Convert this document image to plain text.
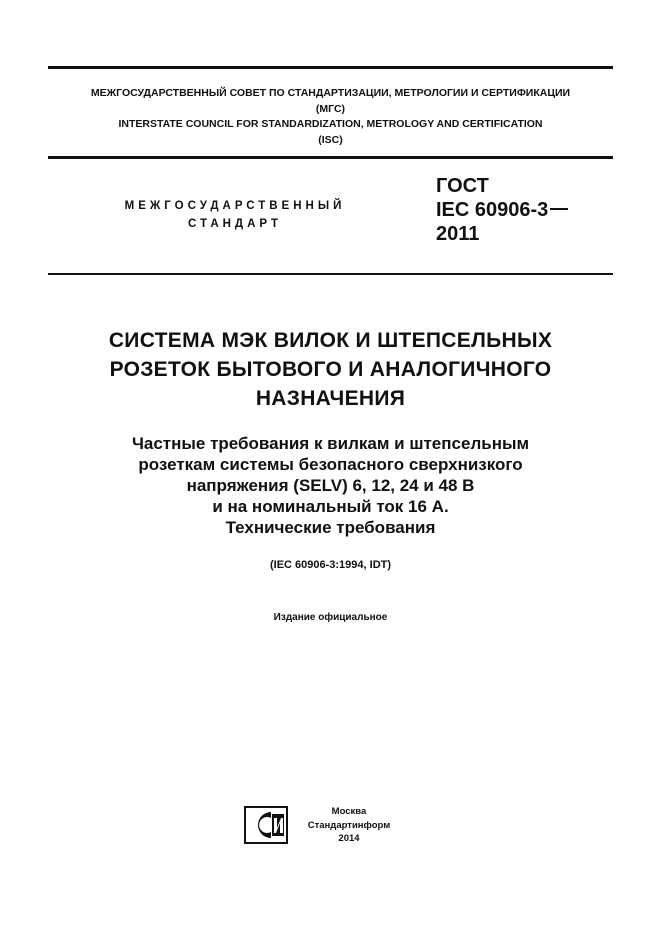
МЕЖГОСУДАРСТВЕННЫЙ СОВЕТ ПО СТАНДАРТИЗАЦИИ, МЕТРОЛОГИИ И СЕРТИФИКАЦИИ
(МГС)
INTERSTATE COUNCIL FOR STANDARDIZATION, METROLOGY AND CERTIFICATION
(ISC)
МЕЖГОСУДАРСТВЕННЫЙ
СТАНДАРТ
ГОСТ
IEC 60906-3
2011
СИСТЕМА МЭК ВИЛОК И ШТЕПСЕЛЬНЫХ
РОЗЕТОК БЫТОВОГО И АНАЛОГИЧНОГО
НАЗНАЧЕНИЯ
Частные требования к вилкам и штепсельным
розеткам системы безопасного сверхнизкого
напряжения (SELV) 6, 12, 24 и 48 В
и на номинальный ток 16 А.
Технические требования
(IEC 60906-3:1994, IDT)
Издание официальное
Москва
Стандартинформ
2014
